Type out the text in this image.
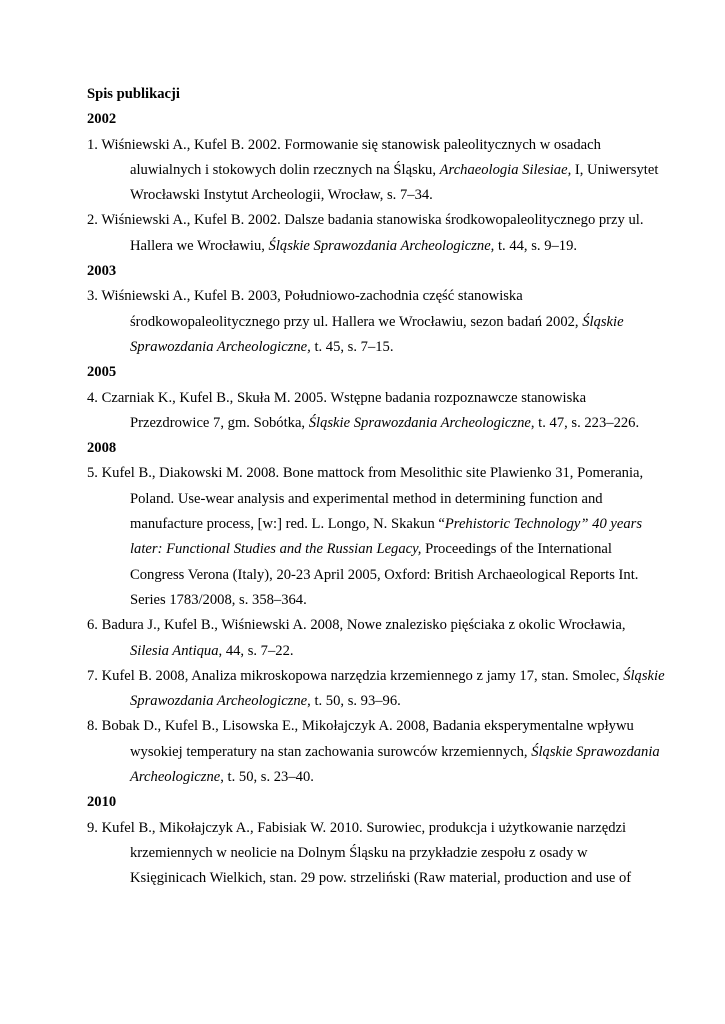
Spis publikacji

2002

1. Wiśniewski A., Kufel B. 2002. Formowanie się stanowisk paleolitycznych w osadach aluwialnych i stokowych dolin rzecznych na Śląsku, Archaeologia Silesiae, I, Uniwersytet Wrocławski Instytut Archeologii, Wrocław, s. 7–34.

2. Wiśniewski A., Kufel B. 2002. Dalsze badania stanowiska środkowopaleolitycznego przy ul. Hallera we Wrocławiu, Śląskie Sprawozdania Archeologiczne, t. 44, s. 9–19.

2003

3. Wiśniewski A., Kufel B. 2003, Południowo-zachodnia część stanowiska środkowopaleolitycznego przy ul. Hallera we Wrocławiu, sezon badań 2002, Śląskie Sprawozdania Archeologiczne, t. 45, s. 7–15.

2005

4. Czarniak K., Kufel B., Skuła M. 2005. Wstępne badania rozpoznawcze stanowiska Przezdrowice 7, gm. Sobótka, Śląskie Sprawozdania Archeologiczne, t. 47, s. 223–226.

2008

5. Kufel B., Diakowski M. 2008. Bone mattock from Mesolithic site Plawienko 31, Pomerania, Poland. Use-wear analysis and experimental method in determining function and manufacture process, [w:] red. L. Longo, N. Skakun “Prehistoric Technology” 40 years later: Functional Studies and the Russian Legacy, Proceedings of the International Congress Verona (Italy), 20-23 April 2005, Oxford: British Archaeological Reports Int. Series 1783/2008, s. 358–364.

6. Badura J., Kufel B., Wiśniewski A. 2008, Nowe znalezisko pięściaka z okolic Wrocławia, Silesia Antiqua, 44, s. 7–22.

7. Kufel B. 2008, Analiza mikroskopowa narzędzia krzemiennego z jamy 17, stan. Smolec, Śląskie Sprawozdania Archeologiczne, t. 50, s. 93–96.

8. Bobak D., Kufel B., Lisowska E., Mikołajczyk A. 2008, Badania eksperymentalne wpływu wysokiej temperatury na stan zachowania surowców krzemiennych, Śląskie Sprawozdania Archeologiczne, t. 50, s. 23–40.

2010

9. Kufel B., Mikołajczyk A., Fabisiak W. 2010. Surowiec, produkcja i użytkowanie narzędzi krzemiennych w neolicie na Dolnym Śląsku na przykładzie zespołu z osady w Księginicach Wielkich, stan. 29 pow. strzeliński (Raw material, production and use of
